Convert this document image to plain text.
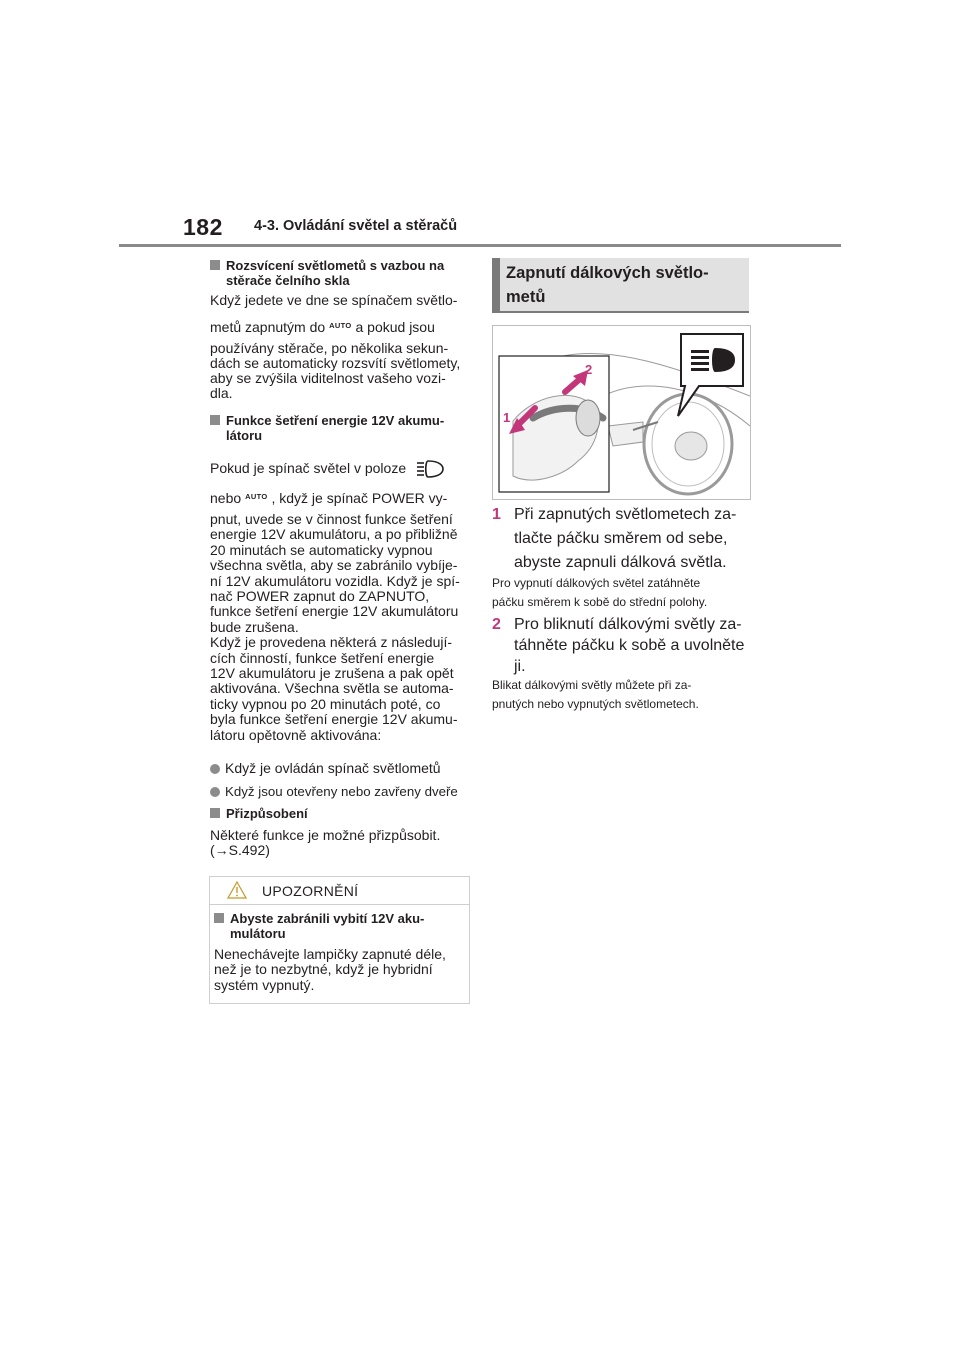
182 4-3. Ovládání světel a stěračů
Rozsvícení světlometů s vazbou na
stěrače čelního skla
Když jedete ve dne se spínačem světlo-
metů zapnutým do AUTO a pokud jsou
používány stěrače, po několika sekun-
dách se automaticky rozsvítí světlomety,
aby se zvýšila viditelnost vašeho vozi-
dla.
Funkce šetření energie 12V akumu-
látoru
Pokud je spínač světel v poloze
nebo AUTO , když je spínač POWER vy-
pnut, uvede se v činnost funkce šetření
energie 12V akumulátoru, a po přibližně
20 minutách se automaticky vypnou
všechna světla, aby se zabránilo vybíje-
ní 12V akumulátoru vozidla. Když je spí-
nač POWER zapnut do ZAPNUTO,
funkce šetření energie 12V akumulátoru
bude zrušena.
Když je provedena některá z následují-
cích činností, funkce šetření energie
12V akumulátoru je zrušena a pak opět
aktivována. Všechna světla se automa-
ticky vypnou po 20 minutách poté, co
byla funkce šetření energie 12V akumu-
látoru opětovně aktivována:
Když je ovládán spínač světlometů
Když jsou otevřeny nebo zavřeny dveře
Přizpůsobení
Některé funkce je možné přizpůsobit.
(→S.492)
UPOZORNĚNÍ
Abyste zabránili vybití 12V aku-
mulátoru
Nenechávejte lampičky zapnuté déle,
než je to nezbytné, když je hybridní
systém vypnutý.
Zapnutí dálkových světlo-
metů
1
2
1 Při zapnutých světlometech za-
tlačte páčku směrem od sebe,
abyste zapnuli dálková světla.
Pro vypnutí dálkových světel zatáhněte
páčku směrem k sobě do střední polohy.
2 Pro bliknutí dálkovými světly za-
táhněte páčku k sobě a uvolněte
ji.
Blikat dálkovými světly můžete při za-
pnutých nebo vypnutých světlometech.
